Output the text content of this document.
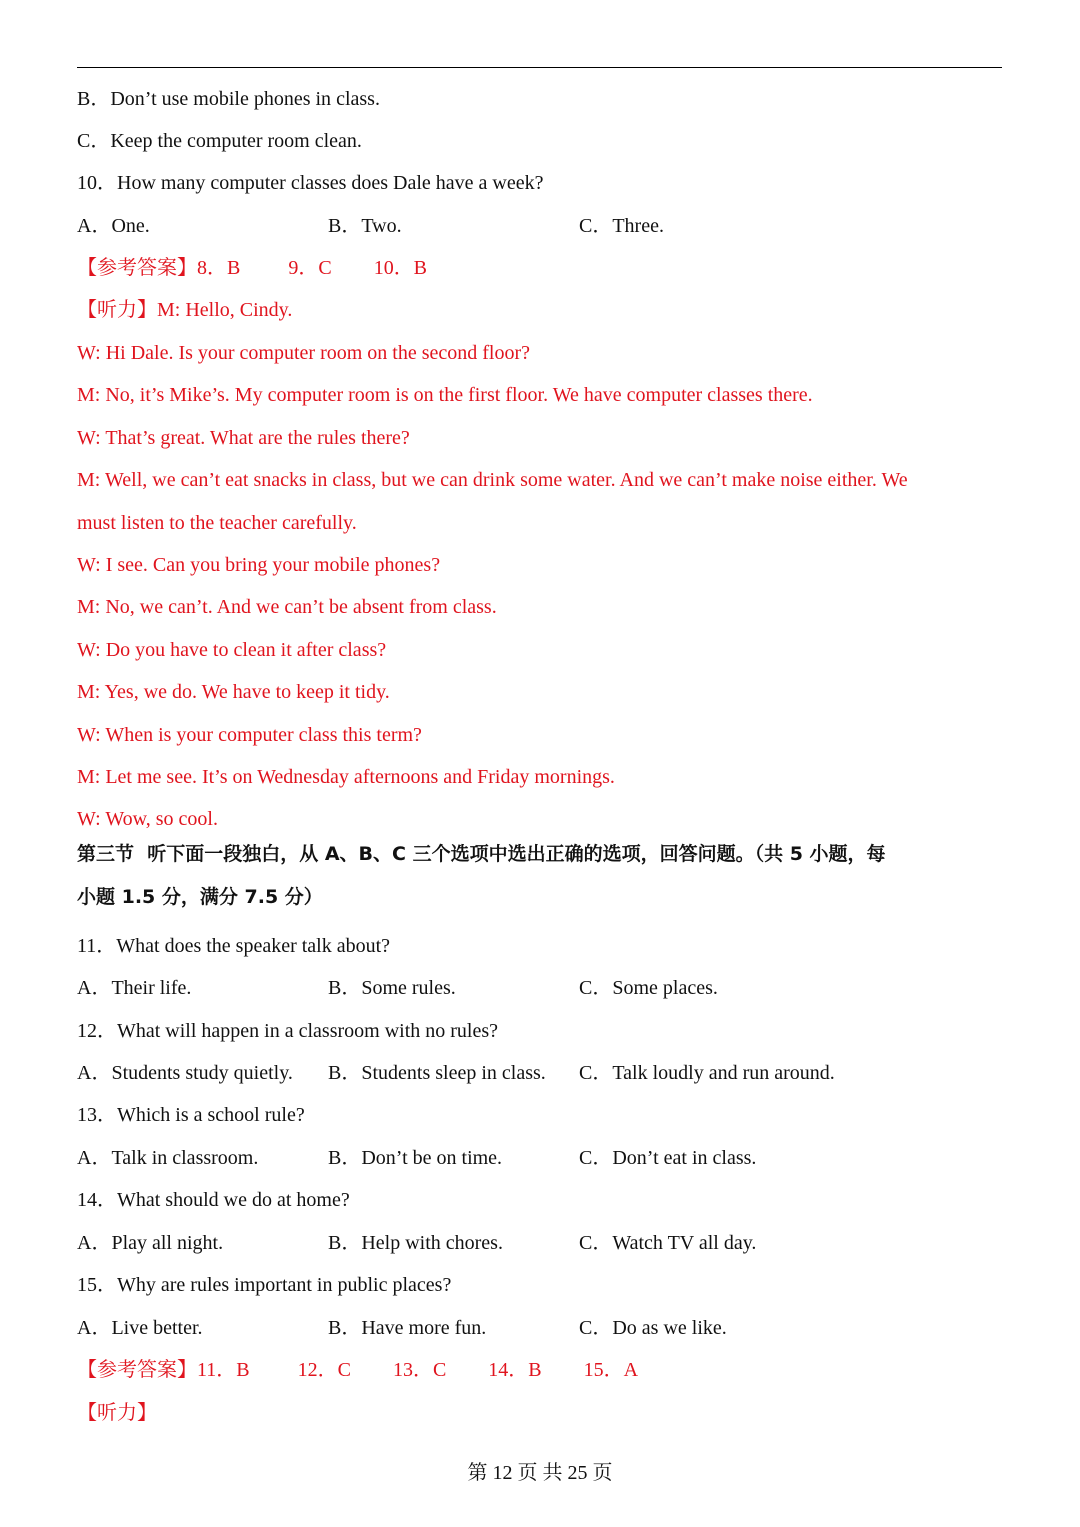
B．Don’t use mobile phones in class.
C．Keep the computer room clean.
10．How many computer classes does Dale have a week?
A．One.	B．Two.	C．Three.
【参考答案】8．B 9．C 10．B
【听力】M: Hello, Cindy.
W: Hi Dale. Is your computer room on the second floor?
M: No, it’s Mike’s. My computer room is on the first floor. We have computer classes there.
W: That’s great. What are the rules there?
M: Well, we can’t eat snacks in class, but we can drink some water. And we can’t make noise either. We
must listen to the teacher carefully.
W: I see. Can you bring your mobile phones?
M: No, we can’t. And we can’t be absent from class.
W: Do you have to clean it after class?
M: Yes, we do. We have to keep it tidy.
W: When is your computer class this term?
M: Let me see. It’s on Wednesday afternoons and Friday mornings.
W: Wow, so cool.
第三节  听下面一段独白，从 A、B、C 三个选项中选出正确的选项，回答问题。（共 5 小题，每
小题 1.5 分，满分 7.5 分）
11．What does the speaker talk about?
A．Their life.	B．Some rules.	C．Some places.
12．What will happen in a classroom with no rules?
A．Students study quietly. B．Students sleep in class. C．Talk loudly and run around.
13．Which is a school rule?
A．Talk in classroom.	B．Don’t be on time.	C．Don’t eat in class.
14．What should we do at home?
A．Play all night.	B．Help with chores.	C．Watch TV all day.
15．Why are rules important in public places?
A．Live better.	B．Have more fun.	C．Do as we like.
【参考答案】11．B 12．C 13．C 14．B 15．A
【听力】
第 12 页 共 25 页
